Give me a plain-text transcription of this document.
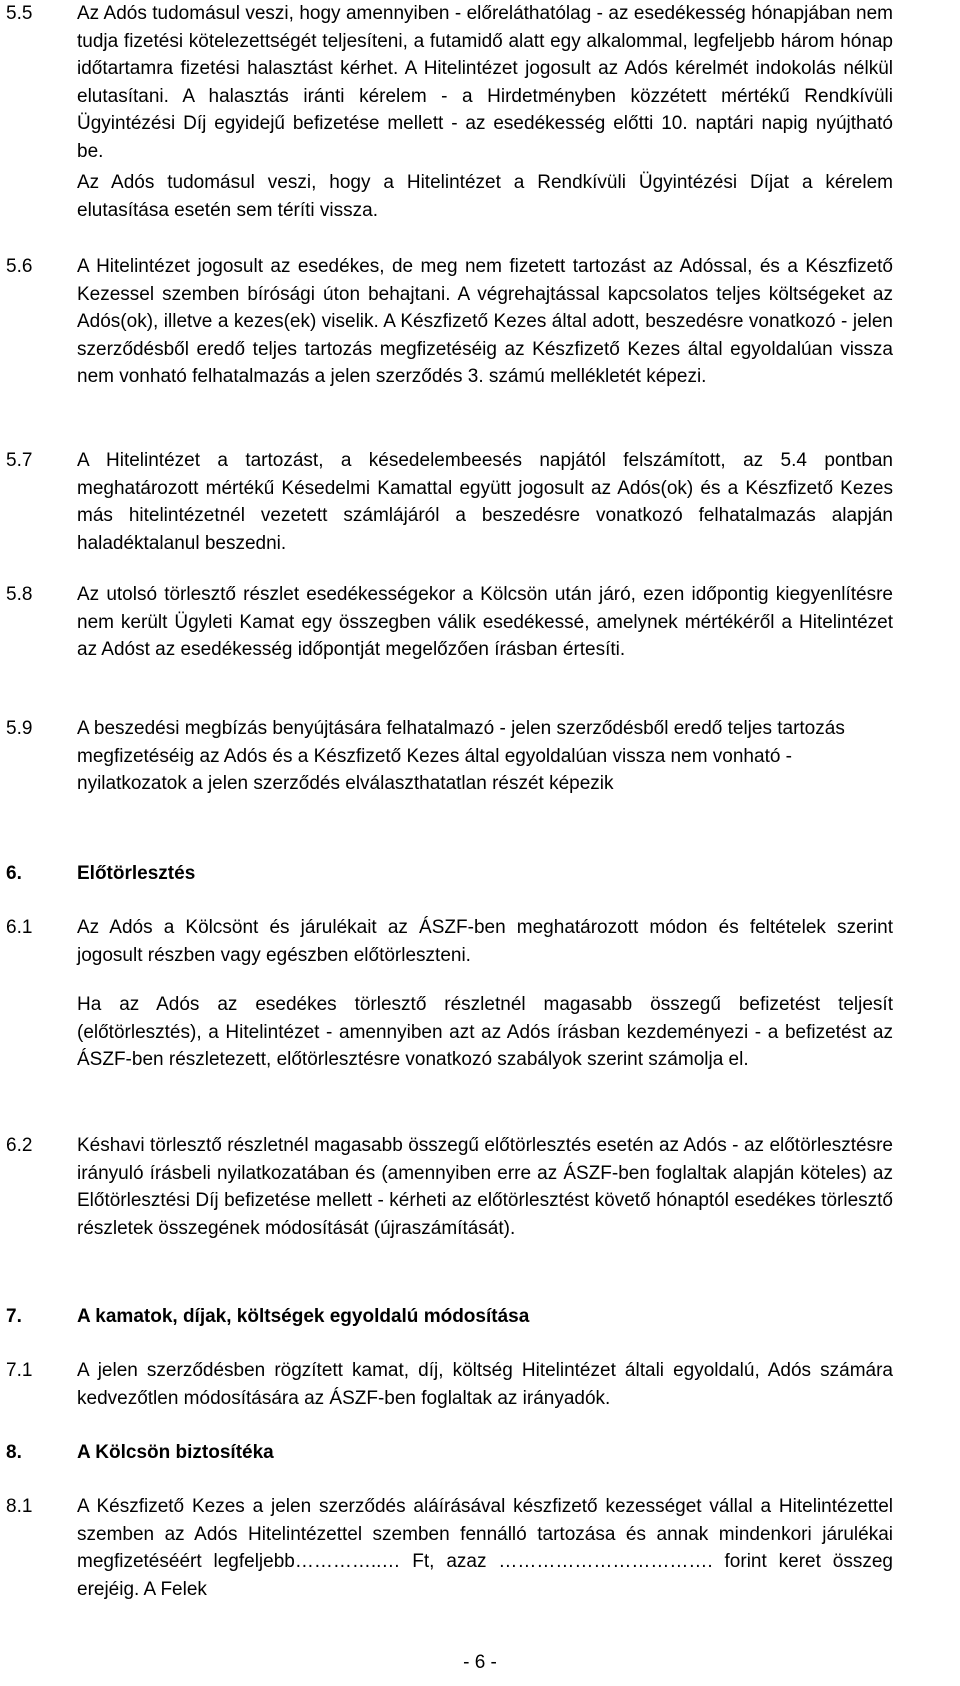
5.5	Az Adós tudomásul veszi, hogy amennyiben - előreláthatólag - az esedékesség hónapjában nem tudja fizetési kötelezettségét teljesíteni, a futamidő alatt egy alkalommal, legfeljebb három hónap időtartamra fizetési halasztást kérhet. A Hitelintézet jogosult az Adós kérelmét indokolás nélkül elutasítani. A halasztás iránti kérelem - a Hirdetményben közzétett mértékű Rendkívüli Ügyintézési Díj egyidejű befizetése mellett - az esedékesség előtti 10. naptári napig nyújtható be.
Az Adós tudomásul veszi, hogy a Hitelintézet a Rendkívüli Ügyintézési Díjat a kérelem elutasítása esetén sem téríti vissza.
5.6	A Hitelintézet jogosult az esedékes, de meg nem fizetett tartozást az Adóssal, és a Készfizető Kezessel szemben bírósági úton behajtani. A végrehajtással kapcsolatos teljes költségeket az Adós(ok), illetve a kezes(ek) viselik. A Készfizető Kezes által adott, beszedésre vonatkozó - jelen szerződésből eredő teljes tartozás megfizetéséig az Készfizető Kezes által egyoldalúan vissza nem vonható felhatalmazás a jelen szerződés 3. számú mellékletét képezi.
5.7	A Hitelintézet a tartozást, a késedelembeesés napjától felszámított, az 5.4 pontban meghatározott mértékű Késedelmi Kamattal együtt jogosult az Adós(ok) és a Készfizető Kezes más hitelintézetnél vezetett számlájáról a beszedésre vonatkozó felhatalmazás alapján haladéktalanul beszedni.
5.8	Az utolsó törlesztő részlet esedékességekor a Kölcsön után járó, ezen időpontig kiegyenlítésre nem került Ügyleti Kamat egy összegben válik esedékessé, amelynek mértékéről a Hitelintézet az Adóst az esedékesség időpontját megelőzően írásban értesíti.
5.9	A beszedési megbízás benyújtására felhatalmazó - jelen szerződésből eredő teljes tartozás megfizetéséig az Adós és a Készfizető Kezes által egyoldalúan vissza nem vonható - nyilatkozatok a jelen szerződés elválaszthatatlan részét képezik
6.	Előtörlesztés
6.1	Az Adós a Kölcsönt és járulékait az ÁSZF-ben meghatározott módon és feltételek szerint jogosult részben vagy egészben előtörleszteni.
Ha az Adós az esedékes törlesztő részletnél magasabb összegű befizetést teljesít (előtörlesztés), a Hitelintézet - amennyiben azt az Adós írásban kezdeményezi - a befizetést az ÁSZF-ben részletezett, előtörlesztésre vonatkozó szabályok szerint számolja el.
6.2	Késhavi törlesztő részletnél magasabb összegű előtörlesztés esetén az Adós - az előtörlesztésre irányuló írásbeli nyilatkozatában és (amennyiben erre az ÁSZF-ben foglaltak alapján köteles) az Előtörlesztési Díj befizetése mellett - kérheti az előtörlesztést követő hónaptól esedékes törlesztő részletek összegének módosítását (újraszámítását).
7.	A kamatok, díjak, költségek egyoldalú módosítása
7.1	A jelen szerződésben rögzített kamat, díj, költség Hitelintézet általi egyoldalú, Adós számára kedvezőtlen módosítására az ÁSZF-ben foglaltak az irányadók.
8.	A Kölcsön biztosítéka
8.1	A Készfizető Kezes a jelen szerződés aláírásával készfizető kezességet vállal a Hitelintézettel szemben az Adós Hitelintézettel szemben fennálló tartozása és annak mindenkori járulékai megfizetéséért legfeljebb…………..… Ft, azaz ……………………………. forint keret összeg erejéig. A Felek
- 6 -
